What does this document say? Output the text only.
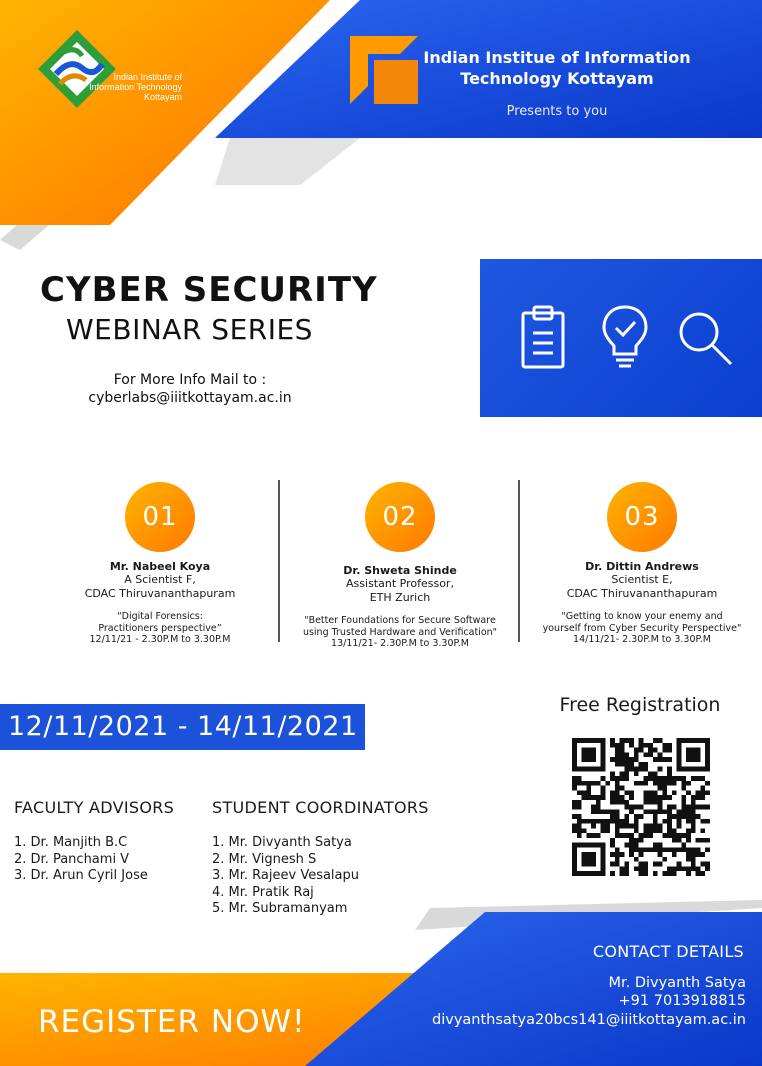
Indian Institute of
Information Technology
Kottayam
Indian Institue of Information
Technology Kottayam
Presents to you
CYBER SECURITY
WEBINAR SERIES
For More Info Mail to :
cyberlabs@iiitkottayam.ac.in
01
Mr. Nabeel Koya
A Scientist F,
CDAC Thiruvananthapuram
“Digital Forensics:
Practitioners perspective”
12/11/21 - 2.30P.M to 3.30P.M
02
Dr. Shweta Shinde
Assistant Professor,
ETH Zurich
"Better Foundations for Secure Software
using Trusted Hardware and Verification"
13/11/21- 2.30P.M to 3.30P.M
03
Dr. Dittin Andrews
Scientist E,
CDAC Thiruvananthapuram
"Getting to know your enemy and
yourself from Cyber Security Perspective"
14/11/21- 2.30P.M to 3.30P.M
12/11/2021 - 14/11/2021
Free Registration
FACULTY ADVISORS
1. Dr. Manjith B.C
2. Dr. Panchami V
3. Dr. Arun Cyril Jose
STUDENT COORDINATORS
1. Mr. Divyanth Satya
2. Mr. Vignesh S
3. Mr. Rajeev Vesalapu
4. Mr. Pratik Raj
5. Mr. Subramanyam
REGISTER NOW!
CONTACT DETAILS
Mr. Divyanth Satya
+91 7013918815
divyanthsatya20bcs141@iiitkottayam.ac.in
